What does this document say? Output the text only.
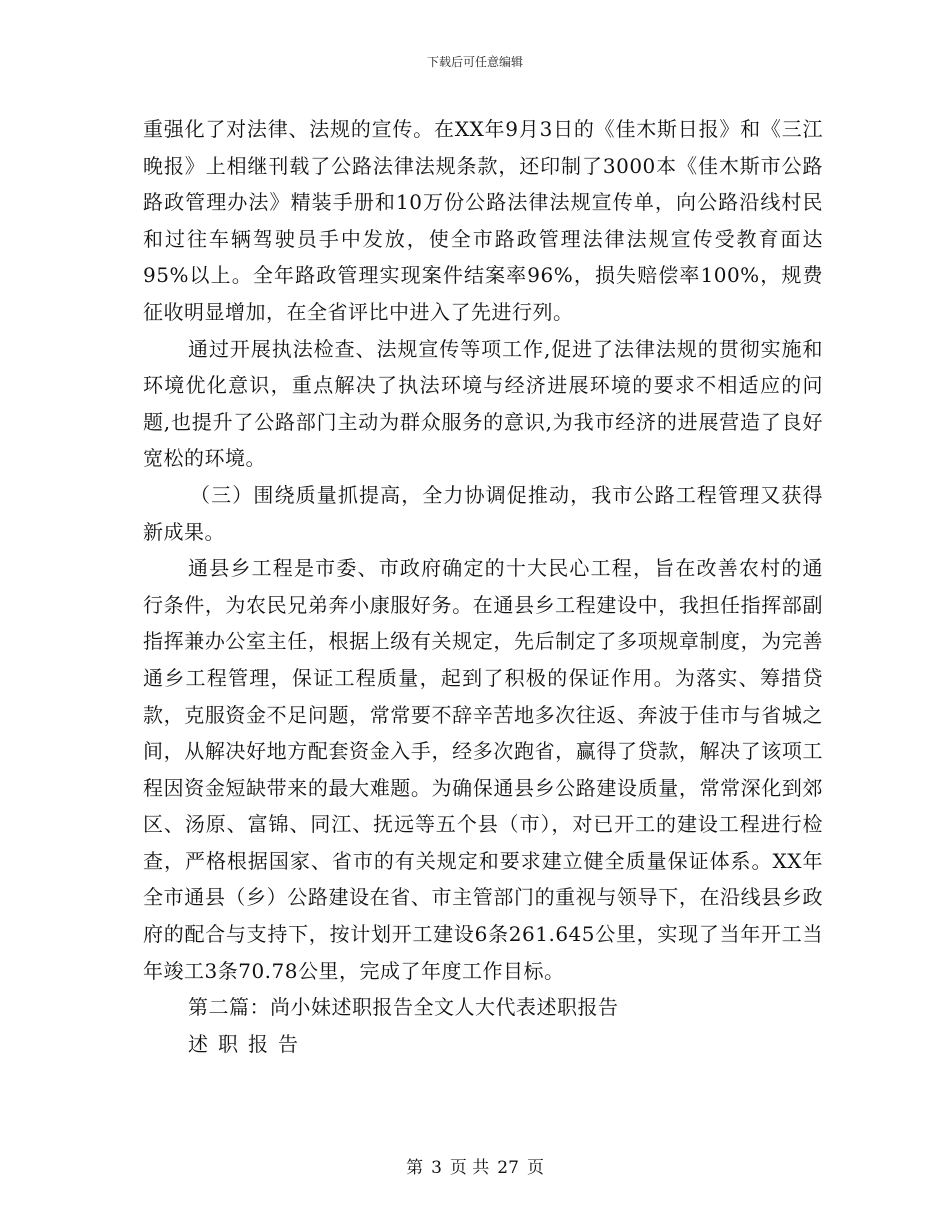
下载后可任意编辑

重强化了对法律、法规的宣传。在XX年9月3日的《佳木斯日报》和《三江晚报》上相继刊载了公路法律法规条款，还印制了3000本《佳木斯市公路路政管理办法》精装手册和10万份公路法律法规宣传单，向公路沿线村民和过往车辆驾驶员手中发放，使全市路政管理法律法规宣传受教育面达95%以上。全年路政管理实现案件结案率96%，损失赔偿率100%，规费征收明显增加，在全省评比中进入了先进行列。

通过开展执法检查、法规宣传等项工作,促进了法律法规的贯彻实施和环境优化意识，重点解决了执法环境与经济进展环境的要求不相适应的问题,也提升了公路部门主动为群众服务的意识,为我市经济的进展营造了良好宽松的环境。

（三）围绕质量抓提高，全力协调促推动，我市公路工程管理又获得新成果。

通县乡工程是市委、市政府确定的十大民心工程，旨在改善农村的通行条件，为农民兄弟奔小康服好务。在通县乡工程建设中，我担任指挥部副指挥兼办公室主任，根据上级有关规定，先后制定了多项规章制度，为完善通乡工程管理，保证工程质量，起到了积极的保证作用。为落实、筹措贷款，克服资金不足问题，常常要不辞辛苦地多次往返、奔波于佳市与省城之间，从解决好地方配套资金入手，经多次跑省，赢得了贷款，解决了该项工程因资金短缺带来的最大难题。为确保通县乡公路建设质量，常常深化到郊区、汤原、富锦、同江、抚远等五个县（市），对已开工的建设工程进行检查，严格根据国家、省市的有关规定和要求建立健全质量保证体系。XX年全市通县（乡）公路建设在省、市主管部门的重视与领导下，在沿线县乡政府的配合与支持下，按计划开工建设6条261.645公里，实现了当年开工当年竣工3条70.78公里，完成了年度工作目标。

第二篇：尚小妹述职报告全文人大代表述职报告

述职报告

第 3 页 共 27 页
